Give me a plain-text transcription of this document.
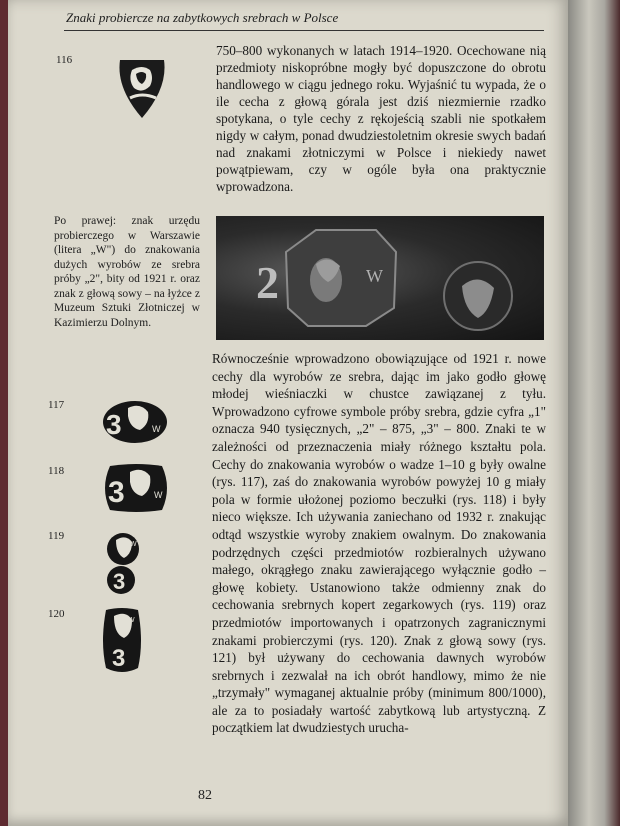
Znaki probiercze na zabytkowych srebrach w Polsce
116
Po prawej: znak urzędu probierczego w Warszawie (litera „W") do znakowania dużych wyrobów ze srebra próby „2", bity od 1921 r. oraz znak z głową sowy – na łyżce z Muzeum Sztuki Złotniczej w Kazimierzu Dolnym.
750–800 wykonanych w latach 1914–1920. Ocechowane nią przedmioty niskopróbne mogły być dopuszczone do obrotu handlowego w ciągu jednego roku. Wyjaśnić tu wypada, że o ile cecha z głową górala jest dziś niezmiernie rzadko spotykana, o tyle cechy z rękojeścią szabli nie spotkałem nigdy w całym, ponad dwudziestoletnim okresie swych badań nad znakami złotniczymi w Polsce i niekiedy nawet powątpiewam, czy w ogóle była ona praktycznie wprowadzona.
2	W
Równocześnie wprowadzono obowiązujące od 1921 r. nowe cechy dla wyrobów ze srebra, dając im jako godło głowę młodej wieśniaczki w chustce zawiązanej z tyłu. Wprowadzono cyfrowe symbole próby srebra, gdzie cyfra „1" oznacza 940 tysięcznych, „2" – 875, „3" – 800. Znaki te w zależności od przeznaczenia miały różnego kształtu pola. Cechy do znakowania wyrobów o wadze 1–10 g były owalne (rys. 117), zaś do znakowania wyrobów powyżej 10 g miały pola w formie ułożonej poziomo beczułki (rys. 118) i były nieco większe. Ich używania zaniechano od 1932 r. znakując odtąd wszystkie wyroby znakiem owalnym. Do znakowania podrzędnych części przedmiotów rozbieralnych używano małego, okrągłego znaku zawierającego wyłącznie godło – głowę kobiety. Ustanowiono także odmienny znak do cechowania srebrnych kopert zegarkowych (rys. 119) oraz przedmiotów importowanych i opatrzonych zagranicznymi znakami probierczymi (rys. 120). Znak z głową sowy (rys. 121) był używany do cechowania dawnych wyrobów srebrnych i zezwalał na ich obrót handlowy, mimo że nie „trzymały" wymaganej aktualnie próby (minimum 800/1000), ale za to posiadały wartość zabytkową lub artystyczną. Z początkiem lat dwudziestych urucha-
117
3	W
118
3	W
119
W
3
120
W
3
82
